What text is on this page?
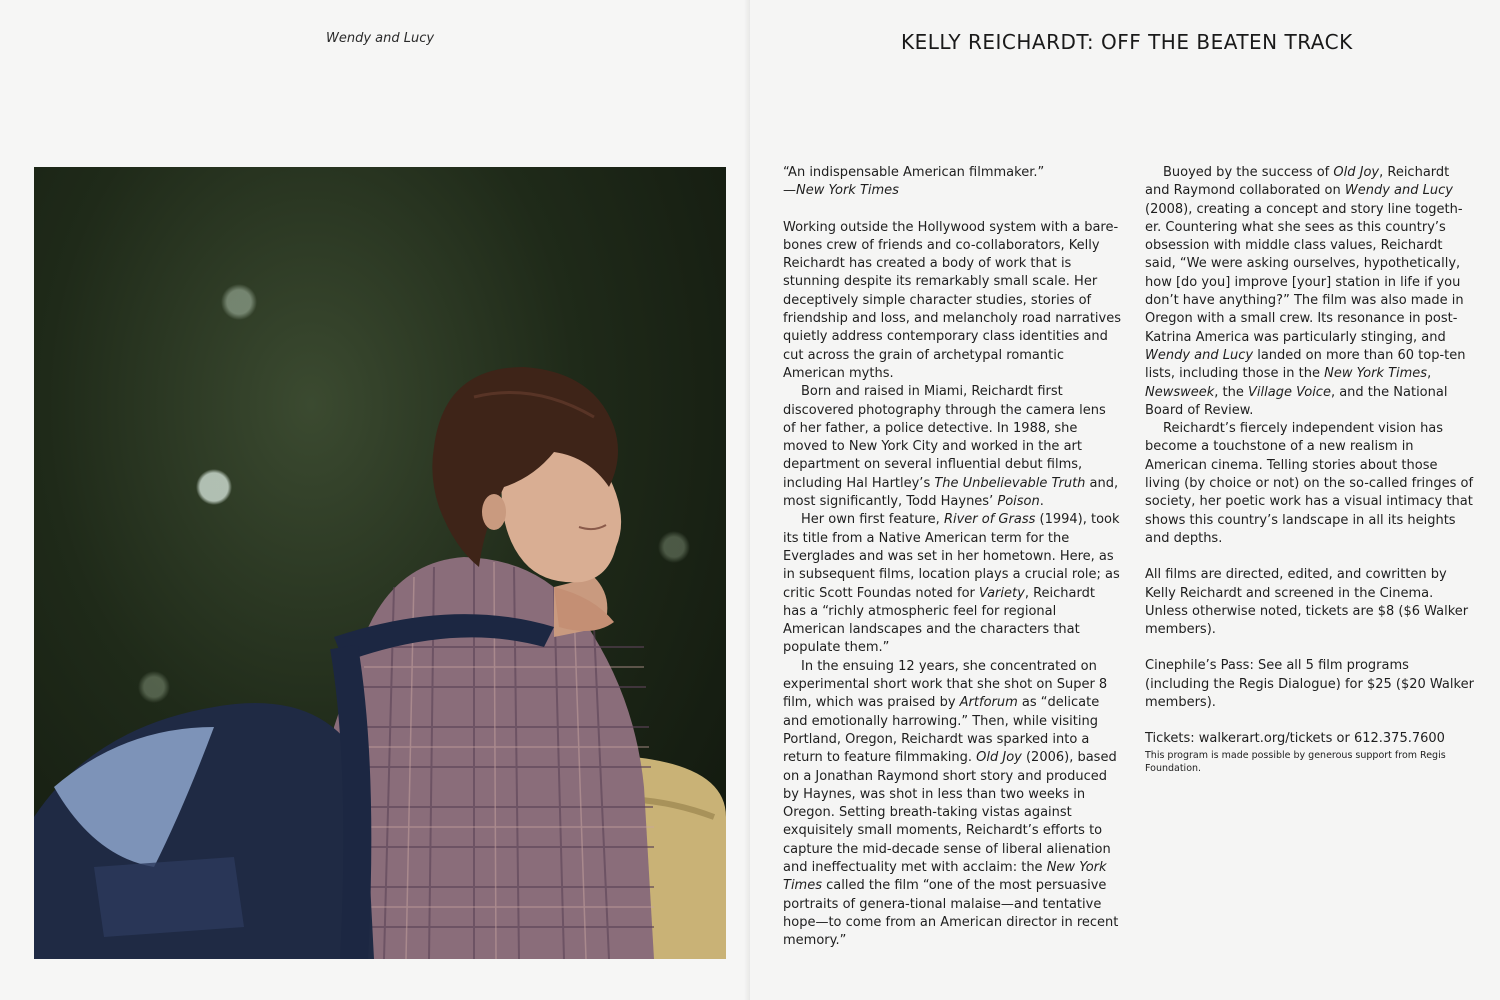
Wendy and Lucy	KELLY REICHARDT: OFF THE BEATEN TRACK

“An indispensable American filmmaker.”

—New York Times

Working outside the Hollywood system with a bare-bones crew of friends and co-collaborators, Kelly Reichardt has created a body of work that is stunning despite its remarkably small scale. Her deceptively simple character studies, stories of friendship and loss, and melancholy road narratives quietly address contemporary class identities and cut across the grain of archetypal romantic American myths.

Born and raised in Miami, Reichardt first discovered photography through the camera lens of her father, a police detective. In 1988, she moved to New York City and worked in the art department on several influential debut films, including Hal Hartley’s The Unbelievable Truth and, most significantly, Todd Haynes’ Poison.

Her own first feature, River of Grass (1994), took its title from a Native American term for the Everglades and was set in her hometown. Here, as in subsequent films, location plays a crucial role; as critic Scott Foundas noted for Variety, Reichardt has a “richly atmospheric feel for regional American landscapes and the characters that populate them.”

In the ensuing 12 years, she concentrated on experimental short work that she shot on Super 8 film, which was praised by Artforum as “delicate and emotionally harrowing.” Then, while visiting Portland, Oregon, Reichardt was sparked into a return to feature filmmaking. Old Joy (2006), based on a Jonathan Raymond short story and produced by Haynes, was shot in less than two weeks in Oregon. Setting breath-taking vistas against exquisitely small moments, Reichardt’s efforts to capture the mid-decade sense of liberal alienation and ineffectuality met with acclaim: the New York Times called the film “one of the most persuasive portraits of genera-tional malaise—and tentative hope—to come from an American director in recent memory.”

Buoyed by the success of Old Joy, Reichardt and Raymond collaborated on Wendy and Lucy (2008), creating a concept and story line togeth-er. Countering what she sees as this country’s obsession with middle class values, Reichardt said, “We were asking ourselves, hypothetically, how [do you] improve [your] station in life if you don’t have anything?” The film was also made in Oregon with a small crew. Its resonance in post-Katrina America was particularly stinging, and Wendy and Lucy landed on more than 60 top-ten lists, including those in the New York Times, Newsweek, the Village Voice, and the National Board of Review.

Reichardt’s fiercely independent vision has become a touchstone of a new realism in American cinema. Telling stories about those living (by choice or not) on the so-called fringes of society, her poetic work has a visual intimacy that shows this country’s landscape in all its heights and depths.

All films are directed, edited, and cowritten by Kelly Reichardt and screened in the Cinema. Unless otherwise noted, tickets are $8 ($6 Walker members).

Cinephile’s Pass: See all 5 film programs (including the Regis Dialogue) for $25 ($20 Walker members).

Tickets: walkerart.org/tickets or 612.375.7600

This program is made possible by generous support from Regis Foundation.
